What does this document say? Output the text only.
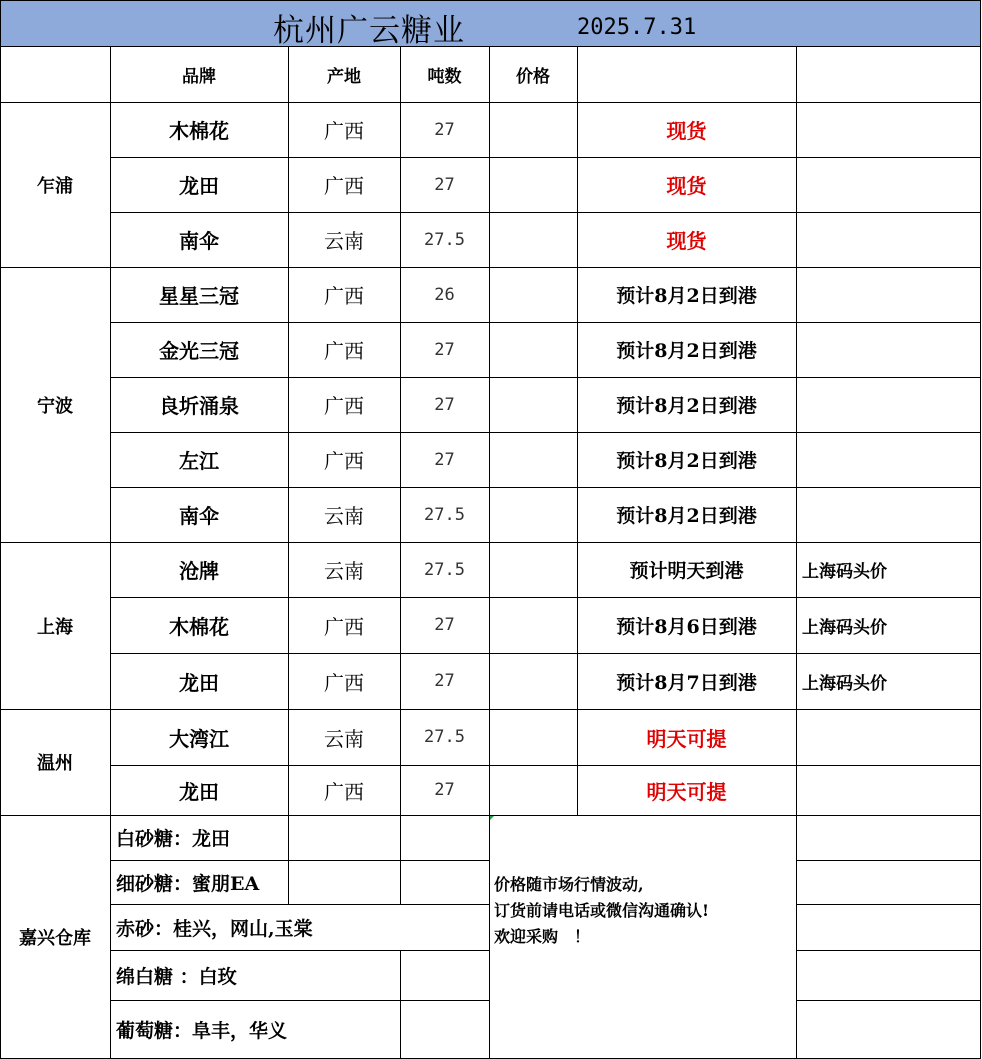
杭州广云糖业	2025.7.31
品牌	产地	吨数	价格
乍浦
木棉花	广西	27	现货
龙田	广西	27	现货
南伞	云南	27.5	现货
宁波
星星三冠	广西	26	预计8月2日到港
金光三冠	广西	27	预计8月2日到港
良圻涌泉	广西	27	预计8月2日到港
左江	广西	27	预计8月2日到港
南伞	云南	27.5	预计8月2日到港
上海
沧牌	云南	27.5	预计明天到港	上海码头价
木棉花	广西	27	预计8月6日到港	上海码头价
龙田	广西	27	预计8月7日到港	上海码头价
温州
大湾江	云南	27.5	明天可提
龙田	广西	27	明天可提
嘉兴仓库
白砂糖：龙田
细砂糖：蜜朋EA
赤砂：桂兴，网山,玉棠
绵白糖 ：白玫
葡萄糖：阜丰，华义
价格随市场行情波动,
订货前请电话或微信沟通确认!
欢迎采购　！
